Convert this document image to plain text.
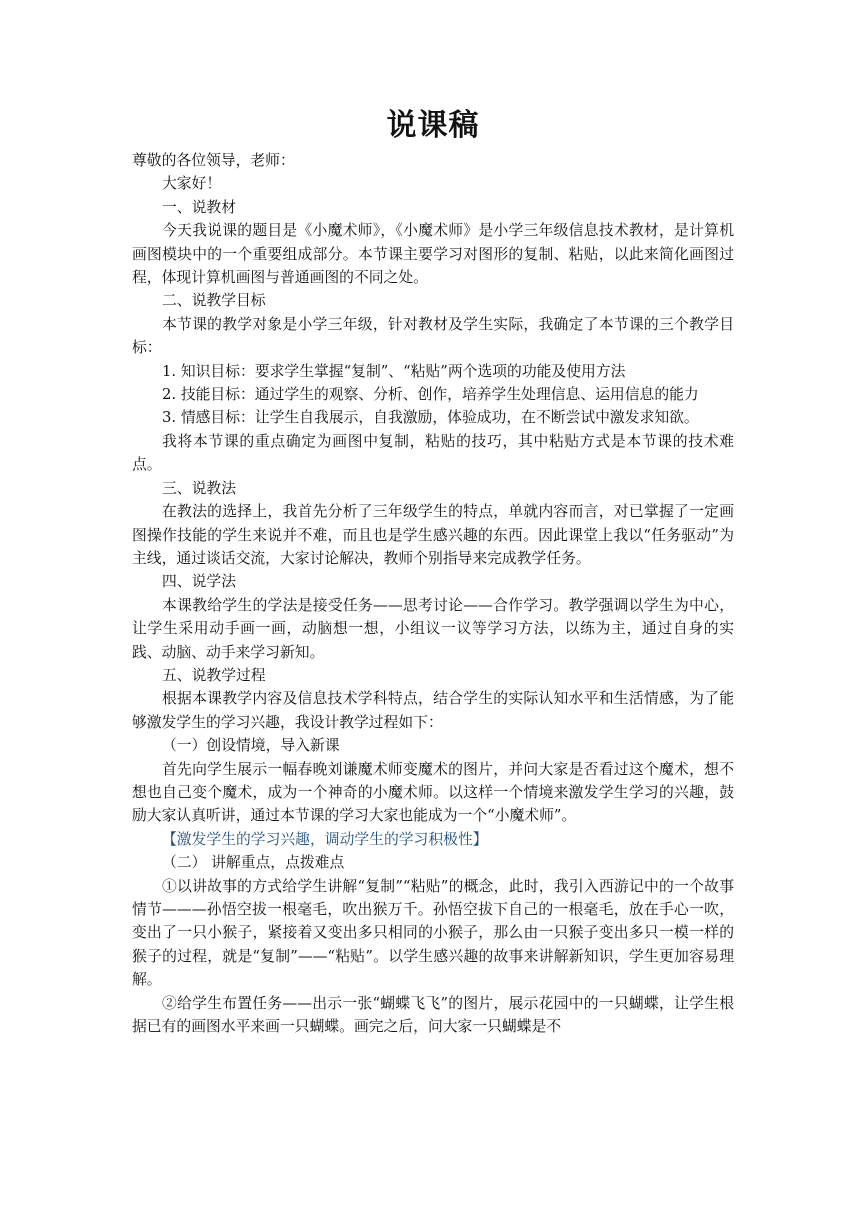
说课稿

尊敬的各位领导，老师：

大家好！

一、说教材

今天我说课的题目是《小魔术师》，《小魔术师》是小学三年级信息技术教材，是计算机画图模块中的一个重要组成部分。本节课主要学习对图形的复制、粘贴，以此来简化画图过程，体现计算机画图与普通画图的不同之处。

二、说教学目标

本节课的教学对象是小学三年级，针对教材及学生实际，我确定了本节课的三个教学目标：

1. 知识目标：要求学生掌握“复制”、“粘贴”两个选项的功能及使用方法

2. 技能目标：通过学生的观察、分析、创作，培养学生处理信息、运用信息的能力

3. 情感目标：让学生自我展示，自我激励，体验成功，在不断尝试中激发求知欲。

我将本节课的重点确定为画图中复制，粘贴的技巧，其中粘贴方式是本节课的技术难点。

三、说教法

在教法的选择上，我首先分析了三年级学生的特点，单就内容而言，对已掌握了一定画图操作技能的学生来说并不难，而且也是学生感兴趣的东西。因此课堂上我以“任务驱动”为主线，通过谈话交流，大家讨论解决，教师个别指导来完成教学任务。

四、说学法

本课教给学生的学法是接受任务——思考讨论——合作学习。教学强调以学生为中心，让学生采用动手画一画，动脑想一想，小组议一议等学习方法，以练为主，通过自身的实践、动脑、动手来学习新知。

五、说教学过程

根据本课教学内容及信息技术学科特点，结合学生的实际认知水平和生活情感，为了能够激发学生的学习兴趣，我设计教学过程如下：

（一）创设情境，导入新课

首先向学生展示一幅春晚刘谦魔术师变魔术的图片，并问大家是否看过这个魔术，想不想也自己变个魔术，成为一个神奇的小魔术师。以这样一个情境来激发学生学习的兴趣，鼓励大家认真听讲，通过本节课的学习大家也能成为一个“小魔术师”。

【激发学生的学习兴趣，调动学生的学习积极性】

（二） 讲解重点，点拨难点

①以讲故事的方式给学生讲解“复制”“粘贴”的概念，此时，我引入西游记中的一个故事情节———孙悟空拔一根毫毛，吹出猴万千。孙悟空拔下自己的一根毫毛，放在手心一吹，变出了一只小猴子，紧接着又变出多只相同的小猴子，那么由一只猴子变出多只一模一样的猴子的过程，就是“复制”——“粘贴”。以学生感兴趣的故事来讲解新知识，学生更加容易理解。

②给学生布置任务——出示一张“蝴蝶飞飞”的图片，展示花园中的一只蝴蝶，让学生根据已有的画图水平来画一只蝴蝶。画完之后，问大家一只蝴蝶是不
